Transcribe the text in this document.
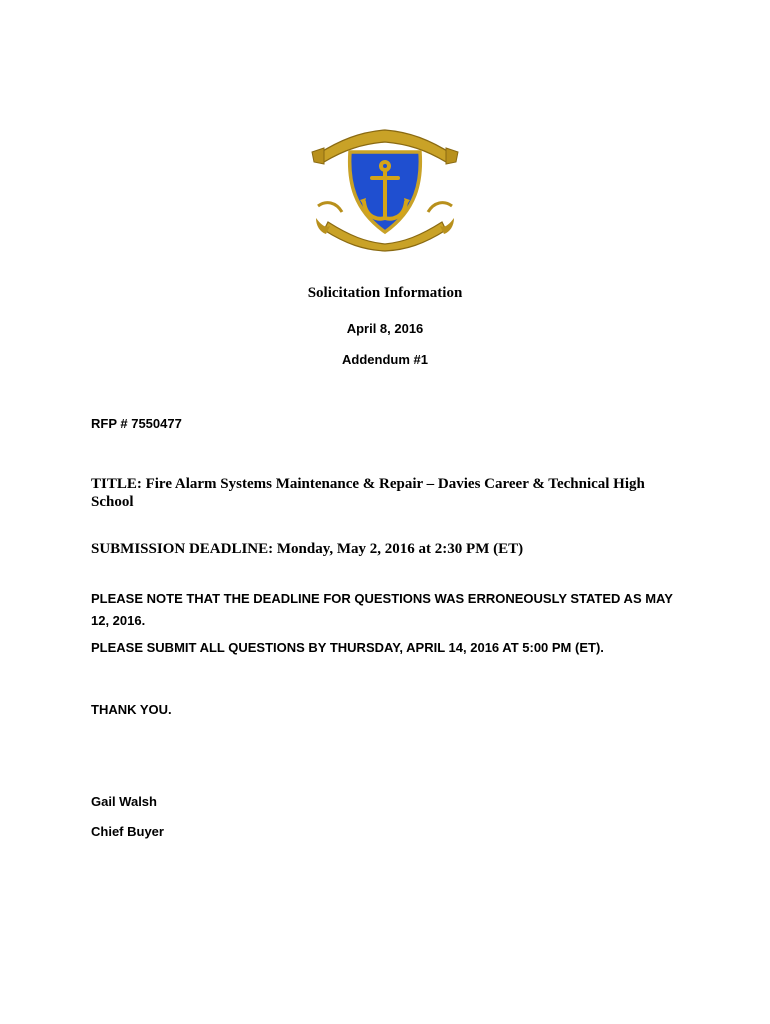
Solicitation Information
April 8, 2016
Addendum #1
RFP # 7550477
TITLE: Fire Alarm Systems Maintenance & Repair – Davies Career & Technical High School
SUBMISSION DEADLINE: Monday, May 2, 2016 at 2:30 PM (ET)
PLEASE NOTE THAT THE DEADLINE FOR QUESTIONS WAS ERRONEOUSLY STATED AS MAY 12, 2016.
PLEASE SUBMIT ALL QUESTIONS BY THURSDAY, APRIL 14, 2016 AT 5:00 PM (ET).
THANK YOU.
Gail Walsh
Chief Buyer
